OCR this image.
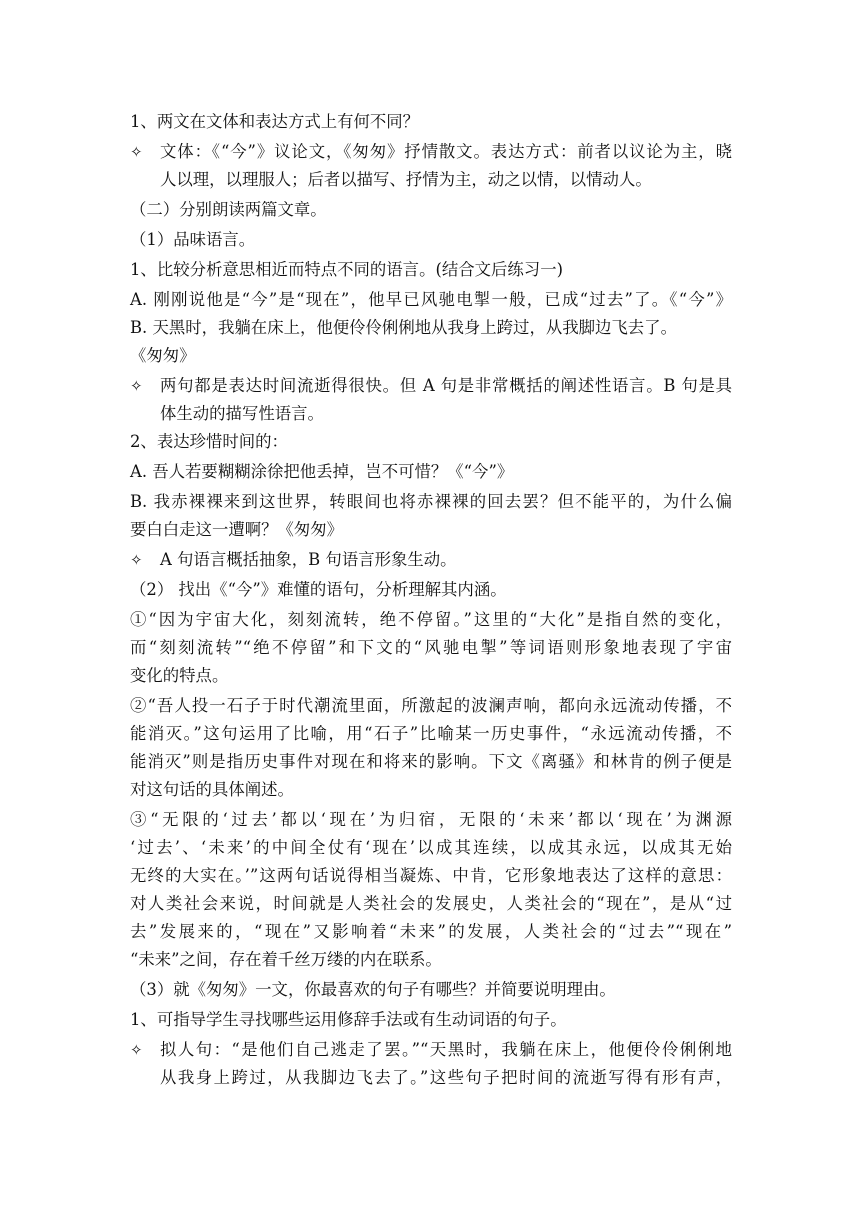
1、两文在文体和表达方式上有何不同？
✧	文体：《“今”》议论文，《匆匆》抒情散文。表达方式：前者以议论为主，晓
人以理，以理服人；后者以描写、抒情为主，动之以情，以情动人。
（二）分别朗读两篇文章。
（1）品味语言。
1、比较分析意思相近而特点不同的语言。(结合文后练习一)
A. 刚刚说他是“今”是“现在”，他早已风驰电掣一般，已成“过去”了。《“今”》
B. 天黑时，我躺在床上，他便伶伶俐俐地从我身上跨过，从我脚边飞去了。
《匆匆》
✧	两句都是表达时间流逝得很快。但 A 句是非常概括的阐述性语言。B 句是具
体生动的描写性语言。
2、表达珍惜时间的：
A. 吾人若要糊糊涂徐把他丢掉，岂不可惜？《“今”》
B. 我赤裸裸来到这世界，转眼间也将赤裸裸的回去罢？但不能平的，为什么偏
要白白走这一遭啊？《匆匆》
✧	A 句语言概括抽象，B 句语言形象生动。
（2） 找出《“今”》难懂的语句，分析理解其内涵。
①“因为宇宙大化，刻刻流转，绝不停留。”这里的“大化”是指自然的变化，
而“刻刻流转”“绝不停留”和下文的“风驰电掣”等词语则形象地表现了宇宙
变化的特点。
②“吾人投一石子于时代潮流里面，所激起的波澜声响，都向永远流动传播，不
能消灭。”这句运用了比喻，用“石子”比喻某一历史事件，“永远流动传播，不
能消灭”则是指历史事件对现在和将来的影响。下文《离骚》和林肯的例子便是
对这句话的具体阐述。
③“无限的‘过去’都以‘现在’为归宿，无限的‘未来’都以‘现在’为渊源
‘过去’、‘未来’的中间全仗有‘现在’以成其连续，以成其永远，以成其无始
无终的大实在。’”这两句话说得相当凝炼、中肯，它形象地表达了这样的意思：
对人类社会来说，时间就是人类社会的发展史，人类社会的“现在”，是从“过
去”发展来的，“现在”又影响着“未来”的发展，人类社会的“过去”“现在”
“未来”之间，存在着千丝万缕的内在联系。
（3）就《匆匆》一文，你最喜欢的句子有哪些？并简要说明理由。
1、可指导学生寻找哪些运用修辞手法或有生动词语的句子。
✧	拟人句：“是他们自己逃走了罢。”“天黑时，我躺在床上，他便伶伶俐俐地
从我身上跨过，从我脚边飞去了。”这些句子把时间的流逝写得有形有声，
